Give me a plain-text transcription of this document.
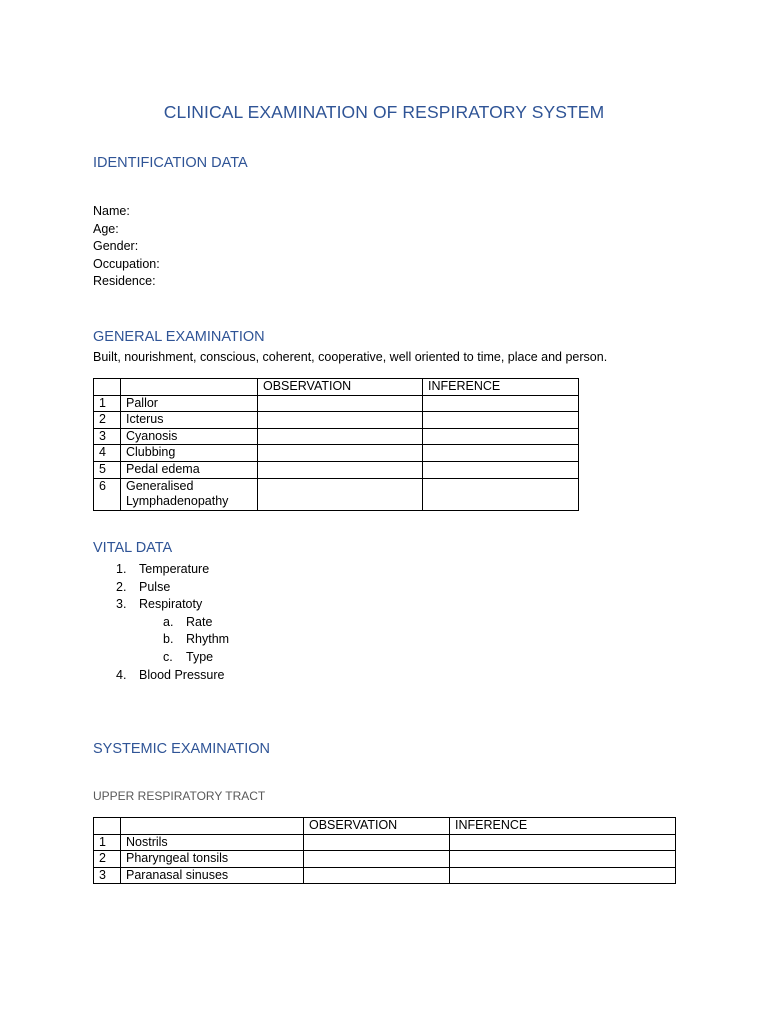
CLINICAL EXAMINATION OF RESPIRATORY SYSTEM
IDENTIFICATION DATA
Name:
Age:
Gender:
Occupation:
Residence:
GENERAL EXAMINATION
Built, nourishment, conscious, coherent, cooperative, well oriented to time, place and person.
		OBSERVATION	INFERENCE
1	Pallor		
2	Icterus		
3	Cyanosis		
4	Clubbing		
5	Pedal edema		
6	Generalised Lymphadenopathy		
VITAL DATA
1. Temperature
2. Pulse
3. Respiratoty
a. Rate
b. Rhythm
c. Type
4. Blood Pressure
SYSTEMIC EXAMINATION
UPPER RESPIRATORY TRACT
		OBSERVATION	INFERENCE
1	Nostrils		
2	Pharyngeal tonsils		
3	Paranasal sinuses		
